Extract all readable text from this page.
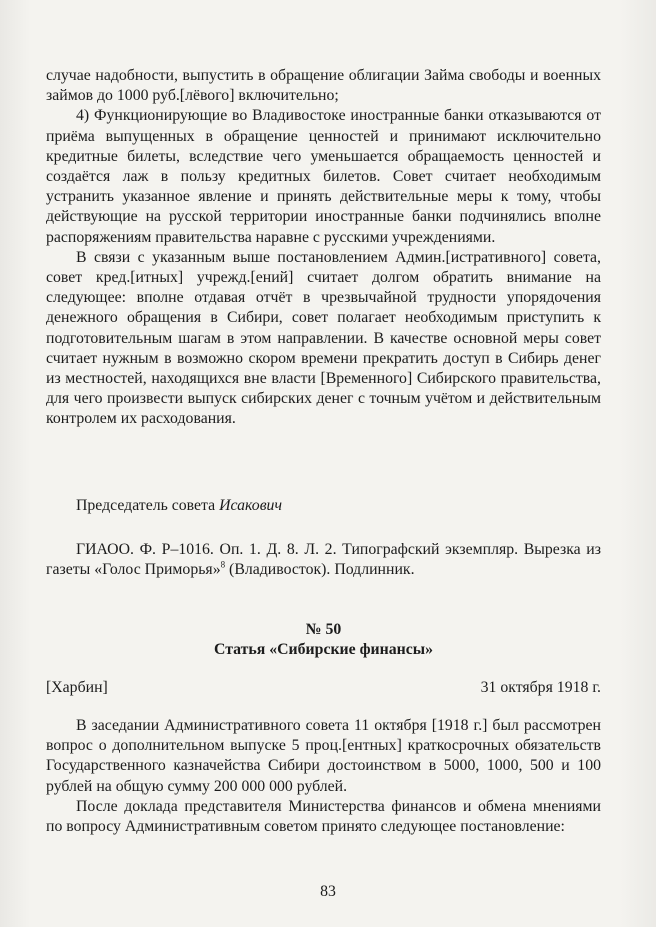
случае надобности, выпустить в обращение облигации Займа свободы и военных займов до 1000 руб.[лёвого] включительно;

4) Функционирующие во Владивостоке иностранные банки отказываются от приёма выпущенных в обращение ценностей и принимают исключительно кредитные билеты, вследствие чего уменьшается обращаемость ценностей и создаётся лаж в пользу кредитных билетов. Совет считает необходимым устранить указанное явление и принять действительные меры к тому, чтобы действующие на русской территории иностранные банки подчинялись вполне распоряжениям правительства наравне с русскими учреждениями.

В связи с указанным выше постановлением Админ.[истративного] совета, совет кред.[итных] учрежд.[ений] считает долгом обратить внимание на следующее: вполне отдавая отчёт в чрезвычайной трудности упорядочения денежного обращения в Сибири, совет полагает необходимым приступить к подготовительным шагам в этом направлении. В качестве основной меры совет считает нужным в возможно скором времени прекратить доступ в Сибирь денег из местностей, находящихся вне власти [Временного] Сибирского правительства, для чего произвести выпуск сибирских денег с точным учётом и действительным контролем их расходования.

Председатель совета Исакович

ГИАОО. Ф. Р–1016. Оп. 1. Д. 8. Л. 2. Типографский экземпляр. Вырезка из газеты «Голос Приморья»$^8$ (Владивосток). Подлинник.

№ 50

Статья «Сибирские финансы»

[Харбин]	31 октября 1918 г.

В заседании Административного совета 11 октября [1918 г.] был рассмотрен вопрос о дополнительном выпуске 5 проц.[ентных] краткосрочных обязательств Государственного казначейства Сибири достоинством в 5000, 1000, 500 и 100 рублей на общую сумму 200 000 000 рублей.

После доклада представителя Министерства финансов и обмена мнениями по вопросу Административным советом принято следующее постановление:

83
